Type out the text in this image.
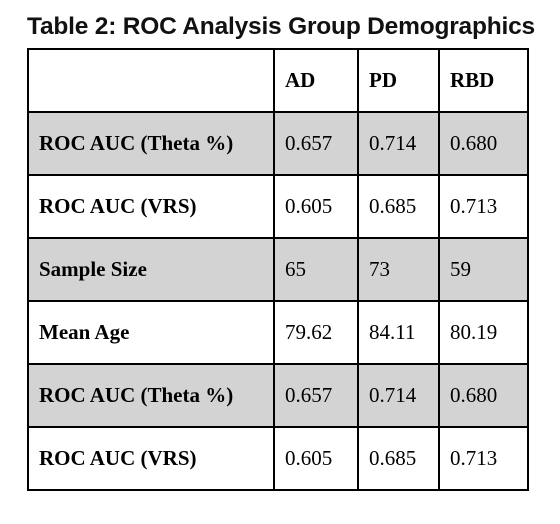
Table 2: ROC Analysis Group Demographics
	AD	PD	RBD
ROC AUC (Theta %)	0.657	0.714	0.680
ROC AUC (VRS)	0.605	0.685	0.713
Sample Size	65	73	59
Mean Age	79.62	84.11	80.19
ROC AUC (Theta %)	0.657	0.714	0.680
ROC AUC (VRS)	0.605	0.685	0.713
